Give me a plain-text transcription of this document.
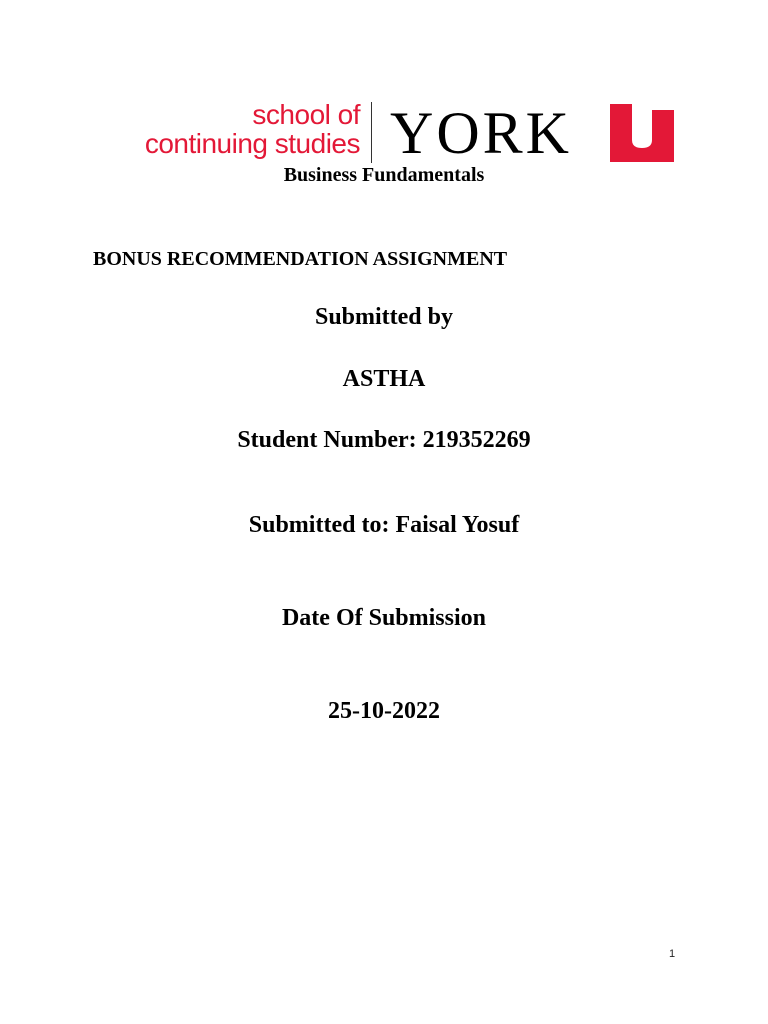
school of
continuing studies YORK
Business Fundamentals
BONUS RECOMMENDATION ASSIGNMENT
Submitted by
ASTHA
Student Number: 219352269
Submitted to: Faisal Yosuf
Date Of Submission
25-10-2022
1
